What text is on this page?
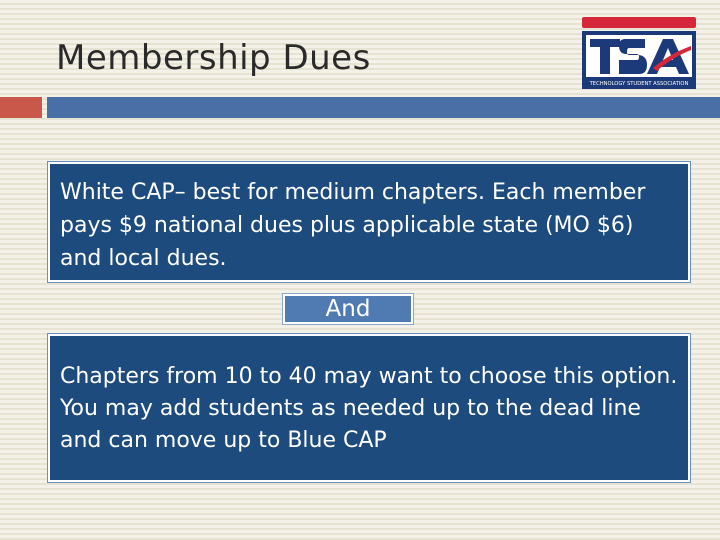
Membership Dues
TECHNOLOGY STUDENT ASSOCIATION
White CAP– best for medium chapters. Each member pays $9 national dues plus applicable state (MO $6) and local dues.
And
Chapters from 10 to 40 may want to choose this option. You may add students as needed up to the dead line and can move up to Blue CAP
